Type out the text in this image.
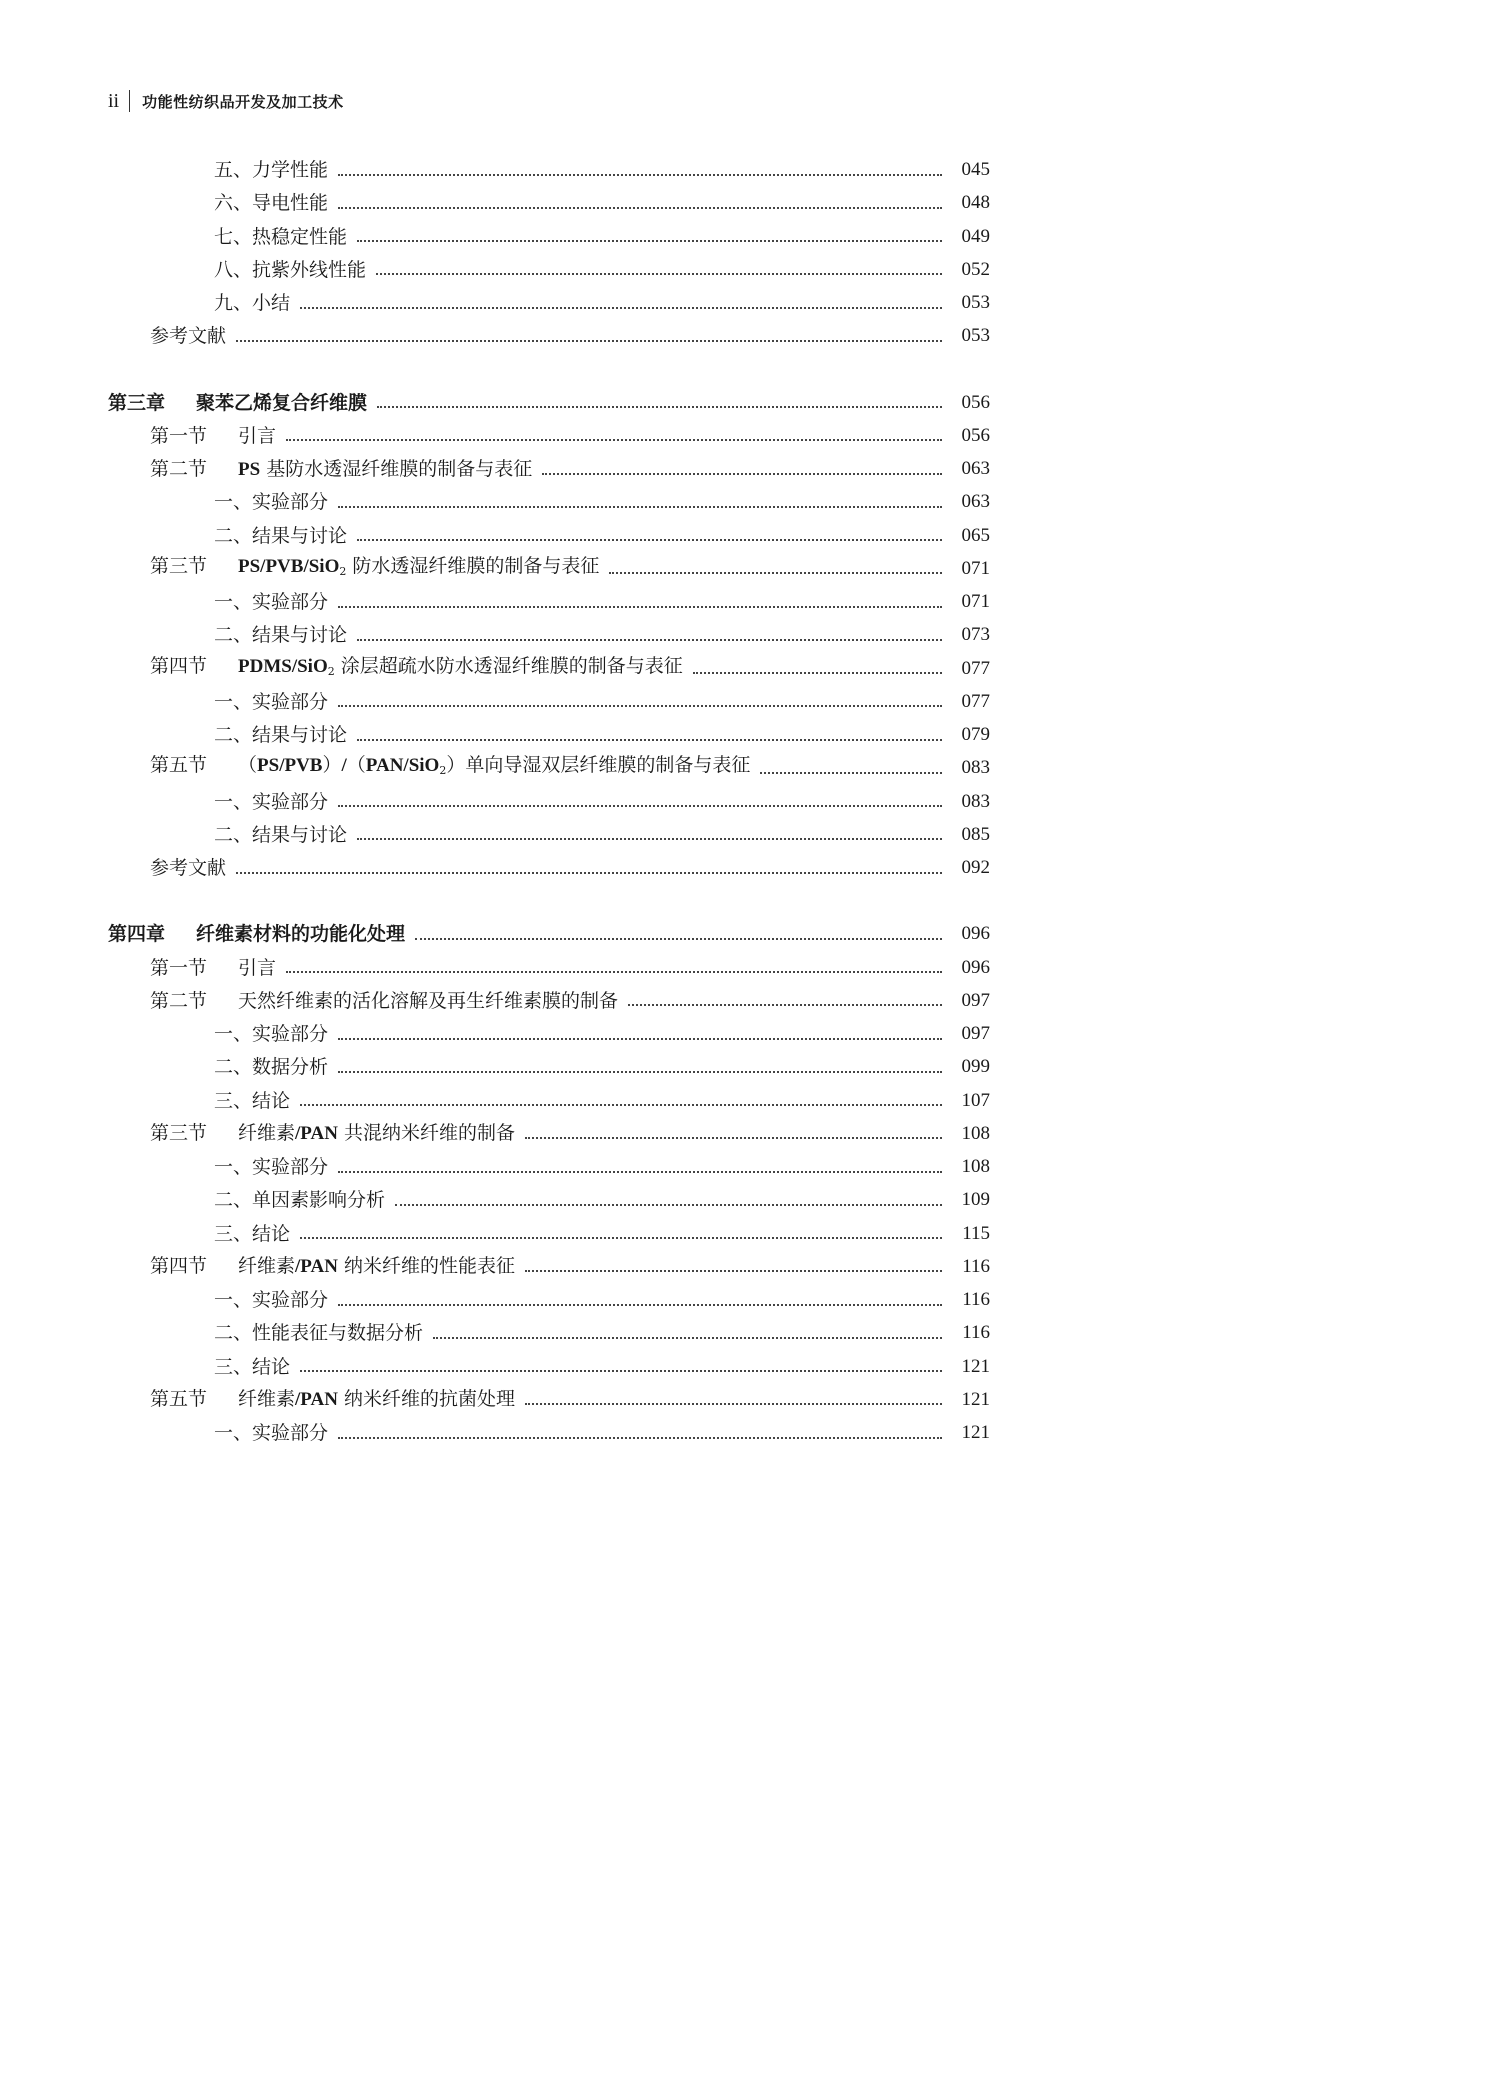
ii 功能性纺织品开发及加工技术
五、力学性能	045
六、导电性能	048
七、热稳定性能	049
八、抗紫外线性能	052
九、小结	053
参考文献	053
第三章 聚苯乙烯复合纤维膜	056
第一节 引言	056
第二节 PS 基防水透湿纤维膜的制备与表征	063
一、实验部分	063
二、结果与讨论	065
第三节 PS/PVB/SiO$_2$ 防水透湿纤维膜的制备与表征	071
一、实验部分	071
二、结果与讨论	073
第四节 PDMS/SiO$_2$ 涂层超疏水防水透湿纤维膜的制备与表征	077
一、实验部分	077
二、结果与讨论	079
第五节 （PS/PVB）/（PAN/SiO$_2$）单向导湿双层纤维膜的制备与表征	083
一、实验部分	083
二、结果与讨论	085
参考文献	092
第四章 纤维素材料的功能化处理	096
第一节 引言	096
第二节 天然纤维素的活化溶解及再生纤维素膜的制备	097
一、实验部分	097
二、数据分析	099
三、结论	107
第三节 纤维素/PAN 共混纳米纤维的制备	108
一、实验部分	108
二、单因素影响分析	109
三、结论	115
第四节 纤维素/PAN 纳米纤维的性能表征	116
一、实验部分	116
二、性能表征与数据分析	116
三、结论	121
第五节 纤维素/PAN 纳米纤维的抗菌处理	121
一、实验部分	121
